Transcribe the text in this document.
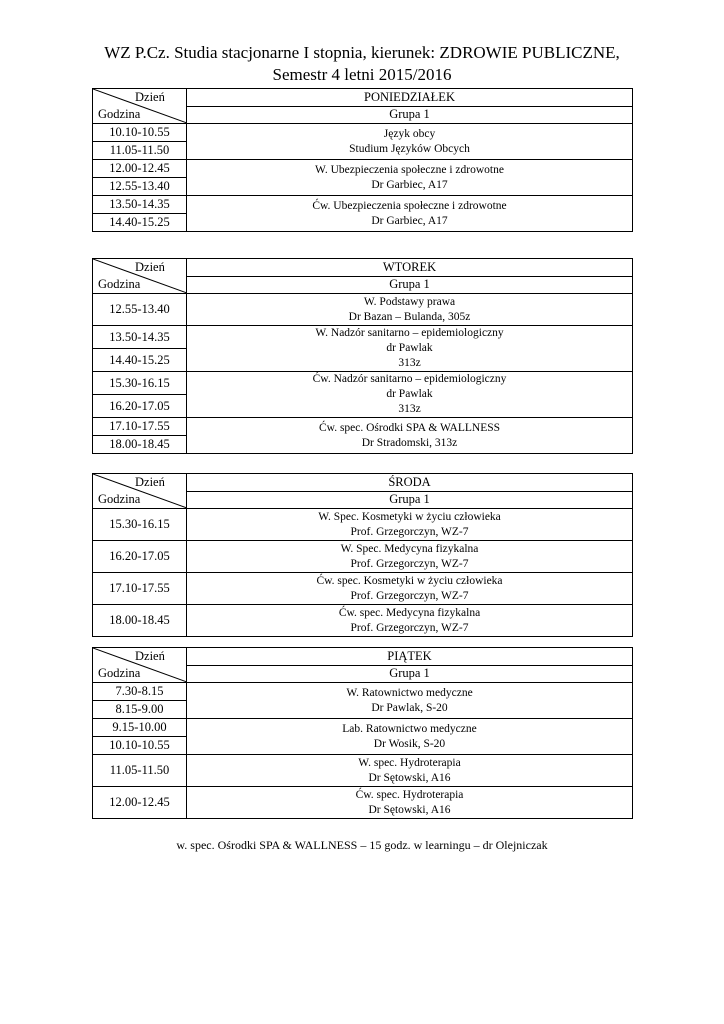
WZ P.Cz. Studia stacjonarne I stopnia, kierunek: ZDROWIE PUBLICZNE,
Semestr 4 letni 2015/2016
Dzień
Godzina	PONIEDZIAŁEK
	Grupa 1
10.10-10.55	Język obcy
Studium Języków Obcych

11.05-11.50	
12.00-12.45	W. Ubezpieczenia społeczne i zdrowotne
Dr Garbiec, A17

12.55-13.40	
13.50-14.35	Ćw. Ubezpieczenia społeczne i zdrowotne
Dr Garbiec, A17

14.40-15.25	
Dzień
Godzina	WTOREK
	Grupa 1
12.55-13.40	W. Podstawy prawa
Dr Bazan – Bulanda, 305z

13.50-14.35	W. Nadzór sanitarno – epidemiologiczny
dr Pawlak
313z

14.40-15.25	
15.30-16.15	Ćw. Nadzór sanitarno – epidemiologiczny
dr Pawlak
313z

16.20-17.05	
17.10-17.55	Ćw. spec. Ośrodki SPA & WALLNESS
Dr Stradomski, 313z

18.00-18.45	
Dzień
Godzina	ŚRODA
	Grupa 1
15.30-16.15	W. Spec. Kosmetyki w życiu człowieka
Prof. Grzegorczyn, WZ-7

16.20-17.05	W. Spec. Medycyna fizykalna
Prof. Grzegorczyn, WZ-7

17.10-17.55	Ćw. spec. Kosmetyki w życiu człowieka
Prof. Grzegorczyn, WZ-7

18.00-18.45	Ćw. spec. Medycyna fizykalna
Prof. Grzegorczyn, WZ-7
Dzień
Godzina	PIĄTEK
	Grupa 1
7.30-8.15	W. Ratownictwo medyczne
Dr Pawlak, S-20

8.15-9.00	
9.15-10.00	Lab. Ratownictwo medyczne
Dr Wosik, S-20

10.10-10.55	
11.05-11.50	W. spec. Hydroterapia
Dr Sętowski, A16

12.00-12.45	Ćw. spec. Hydroterapia
Dr Sętowski, A16
w. spec. Ośrodki SPA & WALLNESS – 15 godz. w learningu – dr Olejniczak
